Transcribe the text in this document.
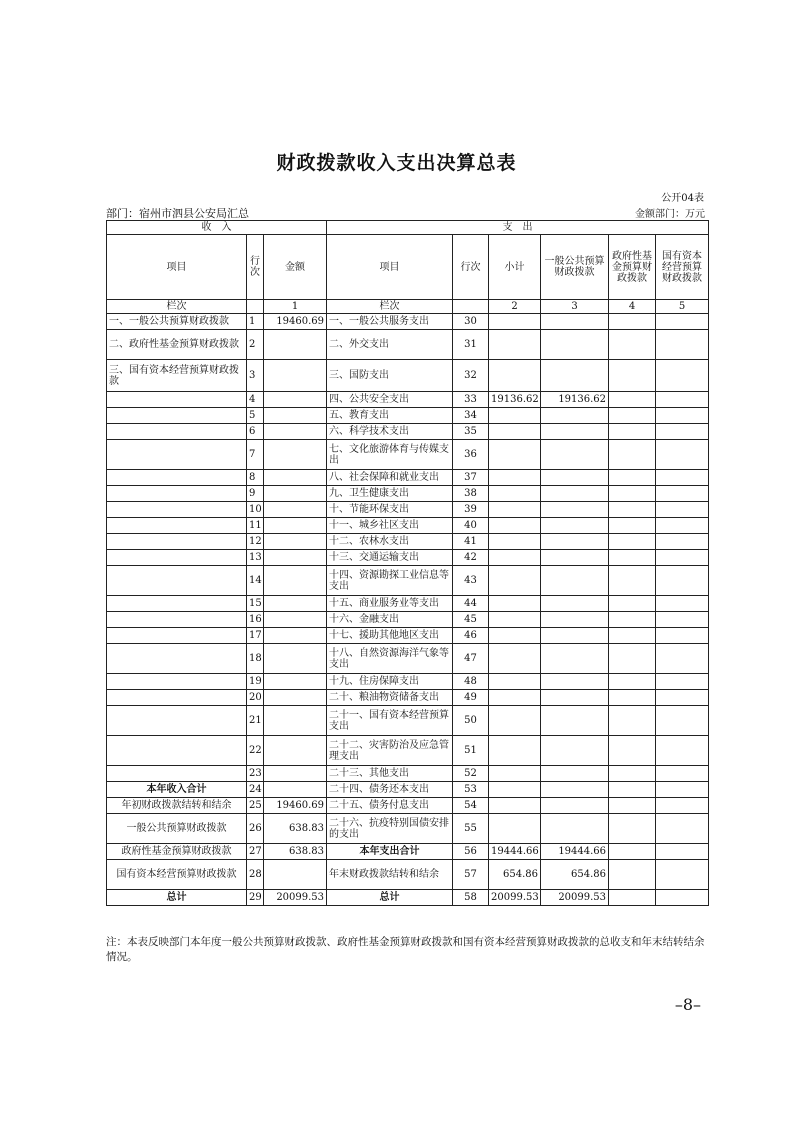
财政拨款收入支出决算总表
公开04表
部门：宿州市泗县公安局汇总	金额部门：万元
收　入			支　出					
项目	行次	金额	项目	行次	小计	一般公共预算财政拨款	政府性基金预算财政拨款	国有资本经营预算财政拨款
栏次		1	栏次		2	3	4	5
一、一般公共预算财政拨款	1	19460.69	一、一般公共服务支出	30				
二、政府性基金预算财政拨款	2		二、外交支出	31				
三、国有资本经营预算财政拨款	3		三、国防支出	32				
	4		四、公共安全支出	33	19136.62	19136.62		
	5		五、教育支出	34				
	6		六、科学技术支出	35				
	7		七、文化旅游体育与传媒支出	36				
	8		八、社会保障和就业支出	37				
	9		九、卫生健康支出	38				
	10		十、节能环保支出	39				
	11		十一、城乡社区支出	40				
	12		十二、农林水支出	41				
	13		十三、交通运输支出	42				
	14		十四、资源勘探工业信息等支出	43				
	15		十五、商业服务业等支出	44				
	16		十六、金融支出	45				
	17		十七、援助其他地区支出	46				
	18		十八、自然资源海洋气象等支出	47				
	19		十九、住房保障支出	48				
	20		二十、粮油物资储备支出	49				
	21		二十一、国有资本经营预算支出	50				
	22		二十二、灾害防治及应急管理支出	51				
	23		二十三、其他支出	52				
本年收入合计	24		二十四、债务还本支出	53				
年初财政拨款结转和结余	25	19460.69	二十五、债务付息支出	54				
一般公共预算财政拨款	26	638.83	二十六、抗疫特别国债安排的支出	55				
政府性基金预算财政拨款	27	638.83	本年支出合计	56	19444.66	19444.66		
国有资本经营预算财政拨款	28		年末财政拨款结转和结余	57	654.86	654.86		
总计	29	20099.53	总计	58	20099.53	20099.53		
注：本表反映部门本年度一般公共预算财政拨款、政府性基金预算财政拨款和国有资本经营预算财政拨款的总收支和年末结转结余情况。
–8–
